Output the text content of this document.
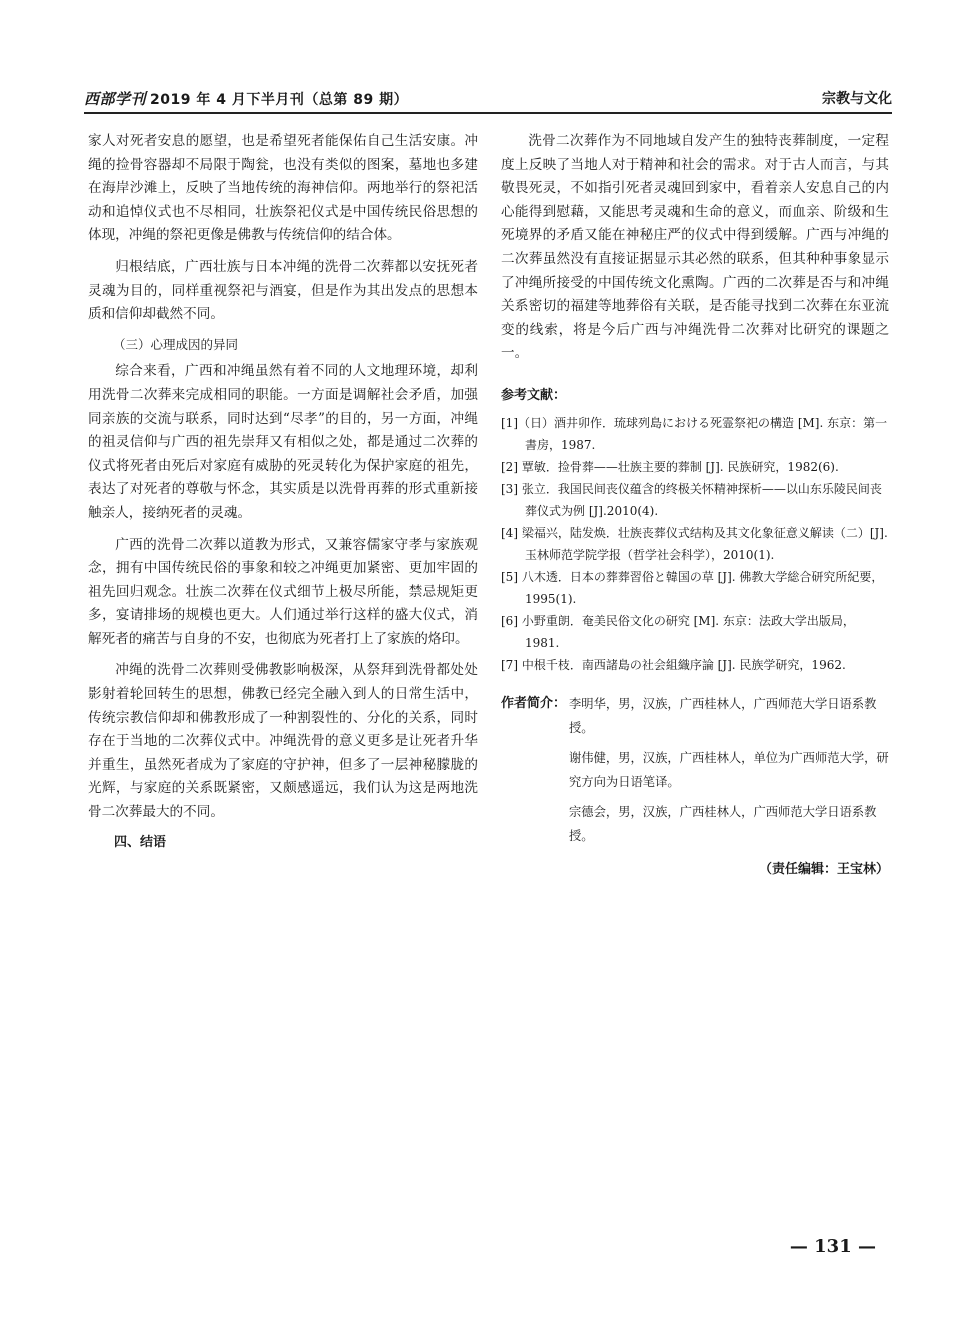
西部学刊 2019 年 4 月下半月刊（总第 89 期）	宗教与文化

家人对死者安息的愿望，也是希望死者能保佑自己生活安康。冲绳的捡骨容器却不局限于陶瓮，也没有类似的图案，墓地也多建在海岸沙滩上，反映了当地传统的海神信仰。两地举行的祭祀活动和追悼仪式也不尽相同，壮族祭祀仪式是中国传统民俗思想的体现，冲绳的祭祀更像是佛教与传统信仰的结合体。

归根结底，广西壮族与日本冲绳的洗骨二次葬都以安抚死者灵魂为目的，同样重视祭祀与酒宴，但是作为其出发点的思想本质和信仰却截然不同。

（三）心理成因的异同

综合来看，广西和冲绳虽然有着不同的人文地理环境，却利用洗骨二次葬来完成相同的职能。一方面是调解社会矛盾，加强同亲族的交流与联系，同时达到“尽孝”的目的，另一方面，冲绳的祖灵信仰与广西的祖先崇拜又有相似之处，都是通过二次葬的仪式将死者由死后对家庭有威胁的死灵转化为保护家庭的祖先，表达了对死者的尊敬与怀念，其实质是以洗骨再葬的形式重新接触亲人，接纳死者的灵魂。

广西的洗骨二次葬以道教为形式，又兼容儒家守孝与家族观念，拥有中国传统民俗的事象和较之冲绳更加紧密、更加牢固的祖先回归观念。壮族二次葬在仪式细节上极尽所能，禁忌规矩更多，宴请排场的规模也更大。人们通过举行这样的盛大仪式，消解死者的痛苦与自身的不安，也彻底为死者打上了家族的烙印。

冲绳的洗骨二次葬则受佛教影响极深，从祭拜到洗骨都处处影射着轮回转生的思想，佛教已经完全融入到人的日常生活中，传统宗教信仰却和佛教形成了一种割裂性的、分化的关系，同时存在于当地的二次葬仪式中。冲绳洗骨的意义更多是让死者升华并重生，虽然死者成为了家庭的守护神，但多了一层神秘朦胧的光辉，与家庭的关系既紧密，又颇感遥远，我们认为这是两地洗骨二次葬最大的不同。

四、结语

洗骨二次葬作为不同地域自发产生的独特丧葬制度，一定程度上反映了当地人对于精神和社会的需求。对于古人而言，与其敬畏死灵，不如指引死者灵魂回到家中，看着亲人安息自己的内心能得到慰藉，又能思考灵魂和生命的意义，而血亲、阶级和生死境界的矛盾又能在神秘庄严的仪式中得到缓解。广西与冲绳的二次葬虽然没有直接证据显示其必然的联系，但其种种事象显示了冲绳所接受的中国传统文化熏陶。广西的二次葬是否与和冲绳关系密切的福建等地葬俗有关联，是否能寻找到二次葬在东亚流变的线索，将是今后广西与冲绳洗骨二次葬对比研究的课题之一。

参考文献：
[1]（日）酒井卯作．琉球列島における死霊祭祀の構造 [M]. 东京：第一書房，1987.
[2] 覃敏．捡骨葬——壮族主要的葬制 [J]. 民族研究，1982(6).
[3] 张立．我国民间丧仪蕴含的终极关怀精神探析——以山东乐陵民间丧葬仪式为例 [J].2010(4).
[4] 梁福兴，陆发焕．壮族丧葬仪式结构及其文化象征意义解读（二）[J]. 玉林师范学院学报（哲学社会科学），2010(1).
[5] 八木透．日本の葬葬習俗と韓国の草 [J]. 佛教大学総合研究所紀要，1995(1).
[6] 小野重朗．奄美民俗文化の研究 [M]. 东京：法政大学出版局，1981.
[7] 中根千枝．南西諸島の社会組織序論 [J]. 民族学研究，1962.
作者简介： 李明华，男，汉族，广西桂林人，广西师范大学日语系教授。
谢伟健，男，汉族，广西桂林人，单位为广西师范大学，研究方向为日语笔译。
宗德会，男，汉族，广西桂林人，广西师范大学日语系教授。
（责任编辑：王宝林）
— 131 —
